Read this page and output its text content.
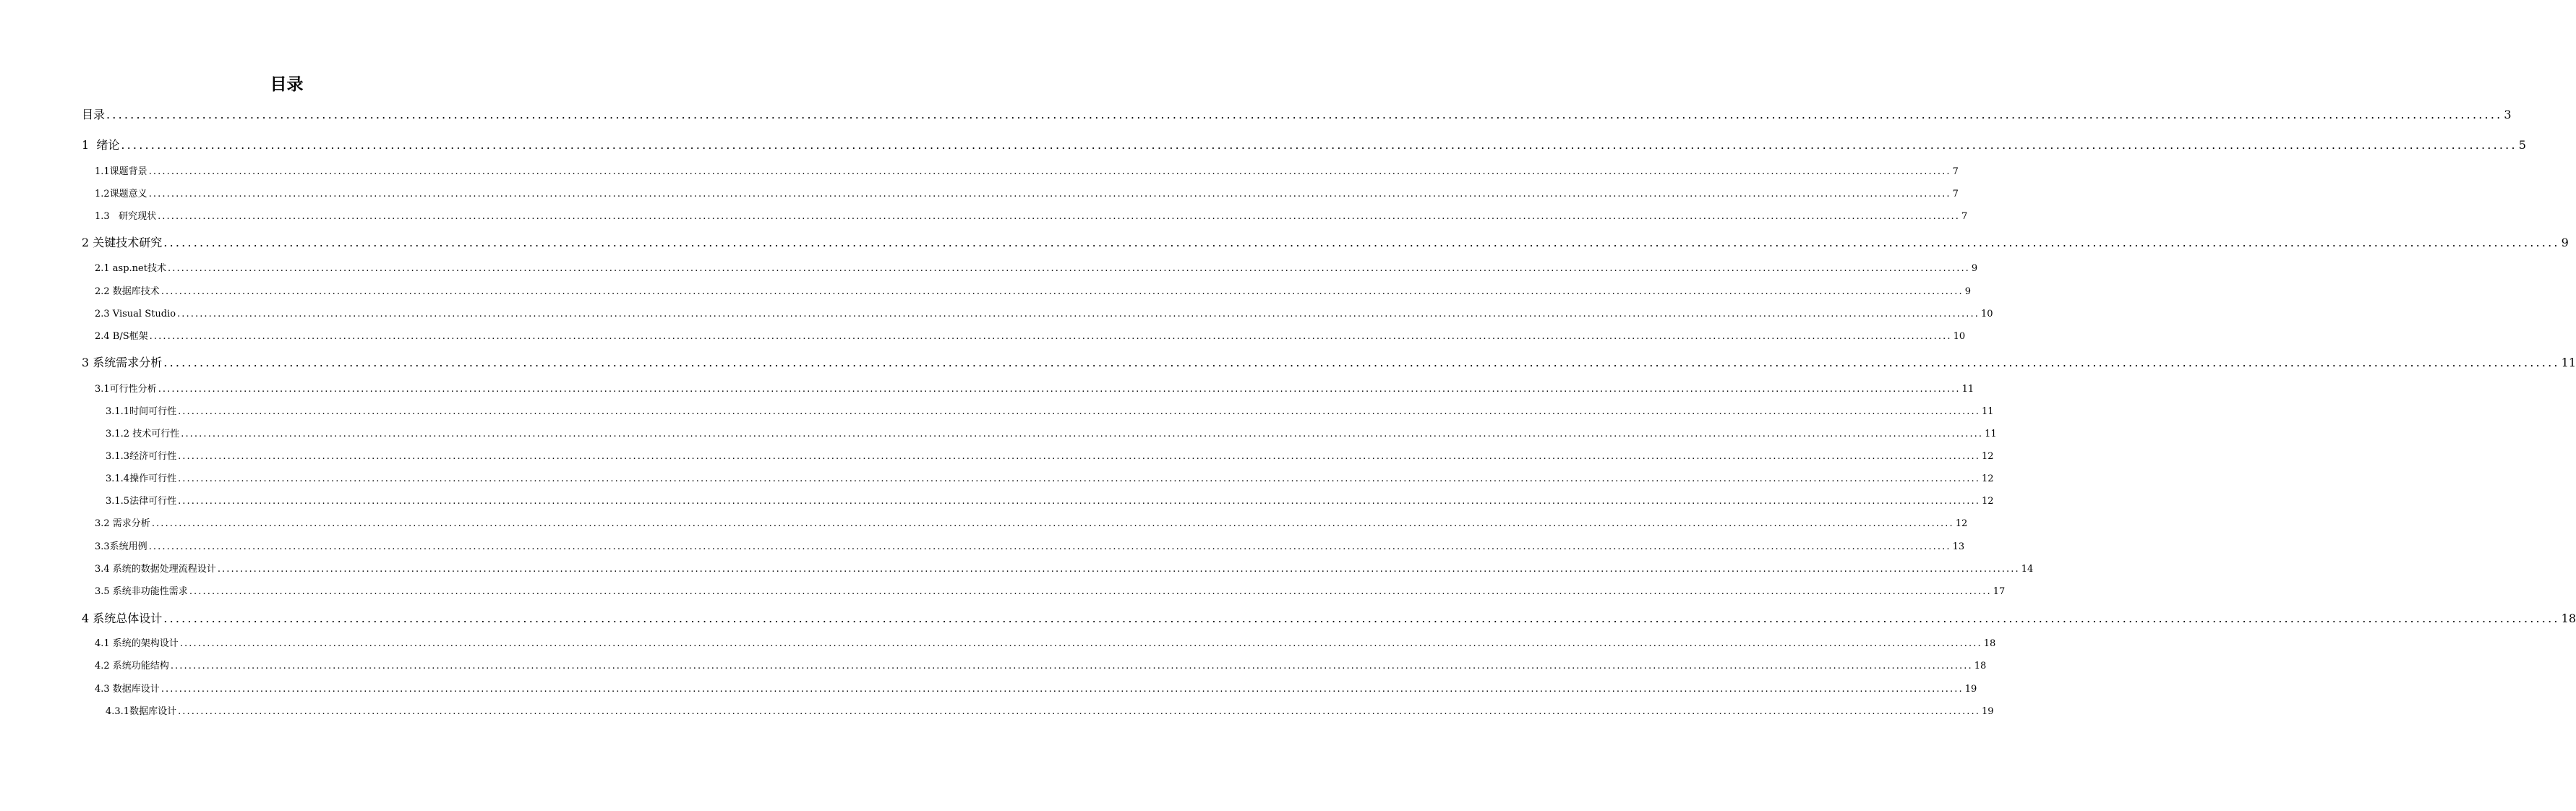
目录
目录 ................................................................................................................................................................................................................................................................................................................................................................................................................ 3
1  绪论 ................................................................................................................................................................................................................................................................................................................................................................................................................ 5
1.1课题背景 ................................................................................................................................................................................................................................................................................................................................................................................................................ 7
1.2课题意义 ................................................................................................................................................................................................................................................................................................................................................................................................................ 7
1.3   研究现状 ................................................................................................................................................................................................................................................................................................................................................................................................................ 7
2 关键技术研究 ................................................................................................................................................................................................................................................................................................................................................................................................................ 9
2.1 asp.net技术 ................................................................................................................................................................................................................................................................................................................................................................................................................ 9
2.2 数据库技术 ................................................................................................................................................................................................................................................................................................................................................................................................................ 9
2.3 Visual Studio ................................................................................................................................................................................................................................................................................................................................................................................................................ 10
2.4 B/S框架 ................................................................................................................................................................................................................................................................................................................................................................................................................ 10
3 系统需求分析 ................................................................................................................................................................................................................................................................................................................................................................................................................ 11
3.1可行性分析 ................................................................................................................................................................................................................................................................................................................................................................................................................ 11
3.1.1时间可行性 ................................................................................................................................................................................................................................................................................................................................................................................................................ 11
3.1.2 技术可行性 ................................................................................................................................................................................................................................................................................................................................................................................................................ 11
3.1.3经济可行性 ................................................................................................................................................................................................................................................................................................................................................................................................................ 12
3.1.4操作可行性 ................................................................................................................................................................................................................................................................................................................................................................................................................ 12
3.1.5法律可行性 ................................................................................................................................................................................................................................................................................................................................................................................................................ 12
3.2 需求分析 ................................................................................................................................................................................................................................................................................................................................................................................................................ 12
3.3系统用例 ................................................................................................................................................................................................................................................................................................................................................................................................................ 13
3.4 系统的数据处理流程设计 ................................................................................................................................................................................................................................................................................................................................................................................................................ 14
3.5 系统非功能性需求 ................................................................................................................................................................................................................................................................................................................................................................................................................ 17
4 系统总体设计 ................................................................................................................................................................................................................................................................................................................................................................................................................ 18
4.1 系统的架构设计 ................................................................................................................................................................................................................................................................................................................................................................................................................ 18
4.2 系统功能结构 ................................................................................................................................................................................................................................................................................................................................................................................................................ 18
4.3 数据库设计 ................................................................................................................................................................................................................................................................................................................................................................................................................ 19
4.3.1数据库设计 ................................................................................................................................................................................................................................................................................................................................................................................................................ 19
